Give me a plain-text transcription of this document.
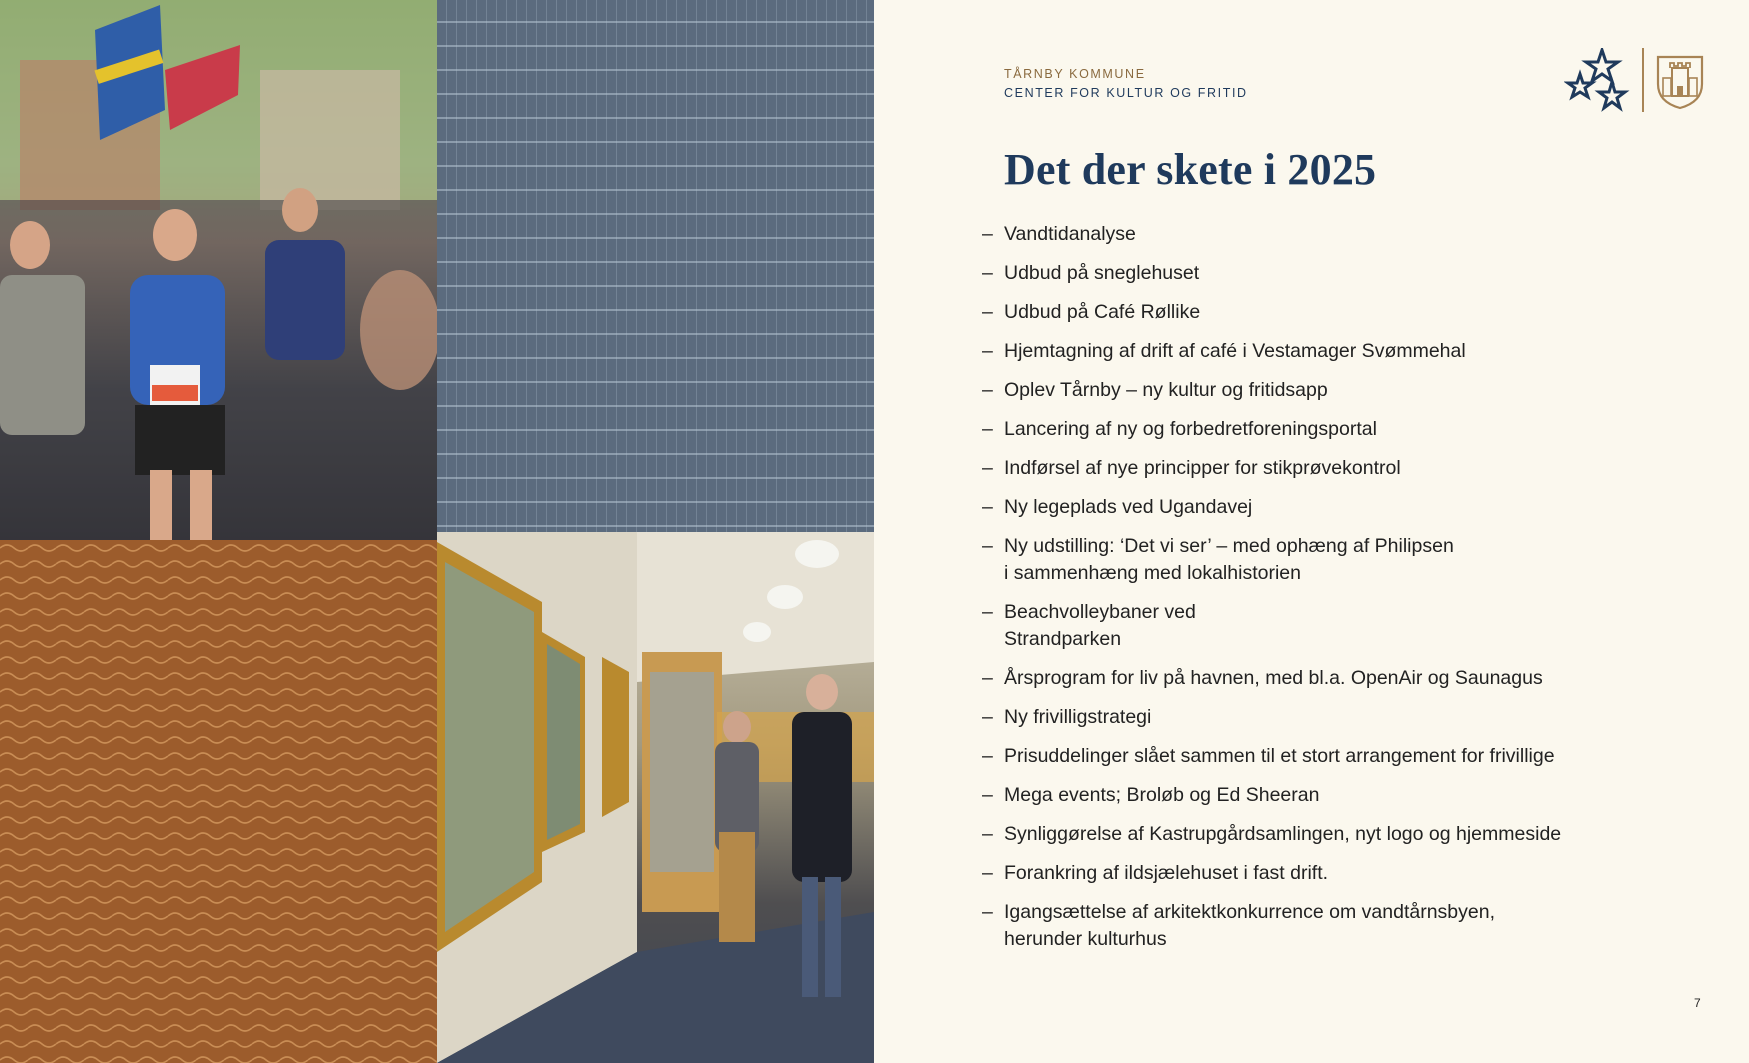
TÅRNBY KOMMUNE

CENTER FOR KULTUR OG FRITID

Det der skete i 2025
– Vandtidanalyse
– Udbud på sneglehuset
– Udbud på Café Røllike
– Hjemtagning af drift af café i Vestamager Svømmehal
– Oplev Tårnby – ny kultur og fritidsapp
– Lancering af ny og forbedretforeningsportal
– Indførsel af nye principper for stikprøvekontrol
– Ny legeplads ved Ugandavej
– Ny udstilling: ‘Det vi ser’ – med ophæng af Philipsen
i sammenhæng med lokalhistorien
– Beachvolleybaner ved
Strandparken
– Årsprogram for liv på havnen, med bl.a. OpenAir og Saunagus
– Ny frivilligstrategi
– Prisuddelinger slået sammen til et stort arrangement for frivillige
– Mega events; Broløb og Ed Sheeran
– Synliggørelse af Kastrupgårdsamlingen, nyt logo og hjemmeside
– Forankring af ildsjælehuset i fast drift.
– Igangsættelse af arkitektkonkurrence om vandtårnsbyen,
herunder kulturhus
7
